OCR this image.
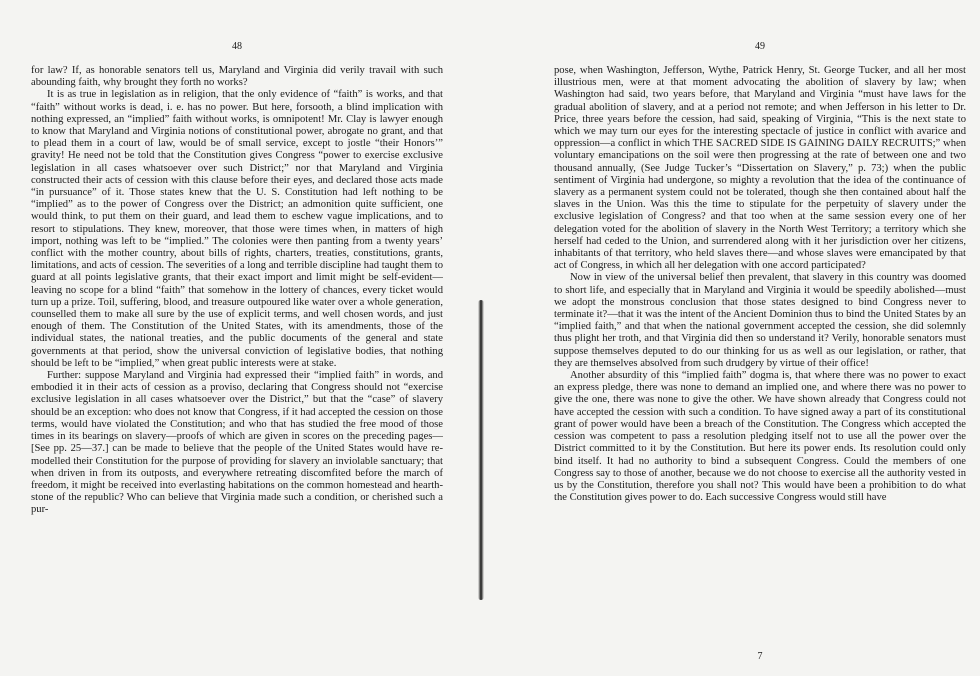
48

for law? If, as honorable senators tell us, Maryland and Virginia did verily travail with such abounding faith, why brought they forth no works?

It is as true in legislation as in religion, that the only evidence of “faith” is works, and that “faith” without works is dead, i. e. has no power. But here, forsooth, a blind implication with nothing expressed, an “implied” faith without works, is omnipotent! Mr. Clay is lawyer enough to know that Maryland and Virginia notions of constitutional power, abrogate no grant, and that to plead them in a court of law, would be of small service, except to jostle “their Honors’” gravity! He need not be told that the Constitution gives Congress “power to exercise exclusive legislation in all cases whatsoever over such District;” nor that Maryland and Virginia constructed their acts of cession with this clause before their eyes, and declared those acts made “in pursuance” of it. Those states knew that the U. S. Constitution had left nothing to be “implied” as to the power of Congress over the District; an admonition quite sufficient, one would think, to put them on their guard, and lead them to eschew vague implications, and to resort to stipulations. They knew, moreover, that those were times when, in matters of high import, nothing was left to be “implied.” The colonies were then panting from a twenty years’ conflict with the mother country, about bills of rights, charters, treaties, constitutions, grants, limitations, and acts of cession. The severities of a long and terrible discipline had taught them to guard at all points legislative grants, that their exact import and limit might be self-evident—leaving no scope for a blind “faith” that somehow in the lottery of chances, every ticket would turn up a prize. Toil, suffering, blood, and treasure outpoured like water over a whole generation, counselled them to make all sure by the use of explicit terms, and well chosen words, and just enough of them. The Constitution of the United States, with its amendments, those of the individual states, the national treaties, and the public documents of the general and state governments at that period, show the universal conviction of legislative bodies, that nothing should be left to be “implied,” when great public interests were at stake.

Further: suppose Maryland and Virginia had expressed their “implied faith” in words, and embodied it in their acts of cession as a proviso, declaring that Congress should not “exercise exclusive legislation in all cases whatsoever over the District,” but that the “case” of slavery should be an exception: who does not know that Congress, if it had accepted the cession on those terms, would have violated the Constitution; and who that has studied the free mood of those times in its bearings on slavery—proofs of which are given in scores on the preceding pages—[See pp. 25—37.] can be made to believe that the people of the United States would have re-modelled their Constitution for the purpose of providing for slavery an inviolable sanctuary; that when driven in from its outposts, and everywhere retreating discomfited before the march of freedom, it might be received into everlasting habitations on the common homestead and hearth-stone of the republic? Who can believe that Virginia made such a condition, or cherished such a pur-

49

pose, when Washington, Jefferson, Wythe, Patrick Henry, St. George Tucker, and all her most illustrious men, were at that moment advocating the abolition of slavery by law; when Washington had said, two years before, that Maryland and Virginia “must have laws for the gradual abolition of slavery, and at a period not remote; and when Jefferson in his letter to Dr. Price, three years before the cession, had said, speaking of Virginia, “This is the next state to which we may turn our eyes for the interesting spectacle of justice in conflict with avarice and oppression—a conflict in which THE SACRED SIDE IS GAINING DAILY RECRUITS;” when voluntary emancipations on the soil were then progressing at the rate of between one and two thousand annually, (See Judge Tucker’s “Dissertation on Slavery,” p. 73;) when the public sentiment of Virginia had undergone, so mighty a revolution that the idea of the continuance of slavery as a permanent system could not be tolerated, though she then contained about half the slaves in the Union. Was this the time to stipulate for the perpetuity of slavery under the exclusive legislation of Congress? and that too when at the same session every one of her delegation voted for the abolition of slavery in the North West Territory; a territory which she herself had ceded to the Union, and surrendered along with it her jurisdiction over her citizens, inhabitants of that territory, who held slaves there—and whose slaves were emancipated by that act of Congress, in which all her delegation with one accord participated?

Now in view of the universal belief then prevalent, that slavery in this country was doomed to short life, and especially that in Maryland and Virginia it would be speedily abolished—must we adopt the monstrous conclusion that those states designed to bind Congress never to terminate it?—that it was the intent of the Ancient Dominion thus to bind the United States by an “implied faith,” and that when the national government accepted the cession, she did solemnly thus plight her troth, and that Virginia did then so understand it? Verily, honorable senators must suppose themselves deputed to do our thinking for us as well as our legislation, or rather, that they are themselves absolved from such drudgery by virtue of their office!

Another absurdity of this “implied faith” dogma is, that where there was no power to exact an express pledge, there was none to demand an implied one, and where there was no power to give the one, there was none to give the other. We have shown already that Congress could not have accepted the cession with such a condition. To have signed away a part of its constitutional grant of power would have been a breach of the Constitution. The Congress which accepted the cession was competent to pass a resolution pledging itself not to use all the power over the District committed to it by the Constitution. But here its power ends. Its resolution could only bind itself. It had no authority to bind a subsequent Congress. Could the members of one Congress say to those of another, because we do not choose to exercise all the authority vested in us by the Constitution, therefore you shall not? This would have been a prohibition to do what the Constitution gives power to do. Each successive Congress would still have

7
